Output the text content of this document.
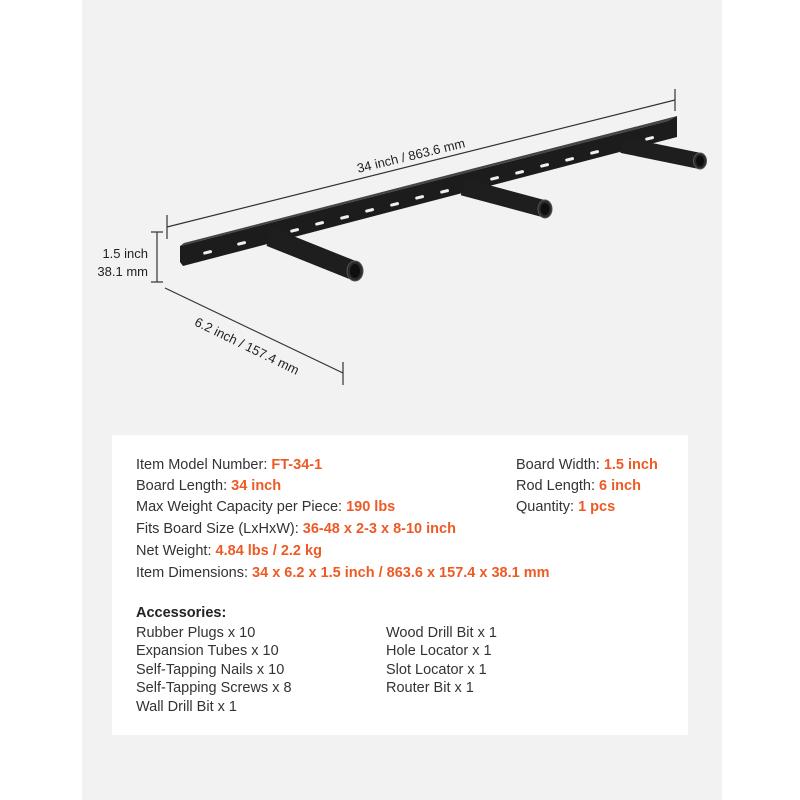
34 inch / 863.6 mm
1.5 inch
38.1 mm
6.2 inch / 157.4 mm
Item Model Number: FT-34-1
Board Length: 34 inch
Max Weight Capacity per Piece: 190 lbs
Fits Board Size (LxHxW): 36-48 x 2-3 x 8-10 inch
Net Weight: 4.84 lbs / 2.2 kg
Item Dimensions: 34 x 6.2 x 1.5 inch / 863.6 x 157.4 x 38.1 mm
Board Width: 1.5 inch
Rod Length: 6 inch
Quantity: 1 pcs
Accessories:
Rubber Plugs x 10
Expansion Tubes x 10
Self-Tapping Nails x 10
Self-Tapping Screws x 8
Wall Drill Bit x 1
Wood Drill Bit x 1
Hole Locator x 1
Slot Locator x 1
Router Bit x 1
